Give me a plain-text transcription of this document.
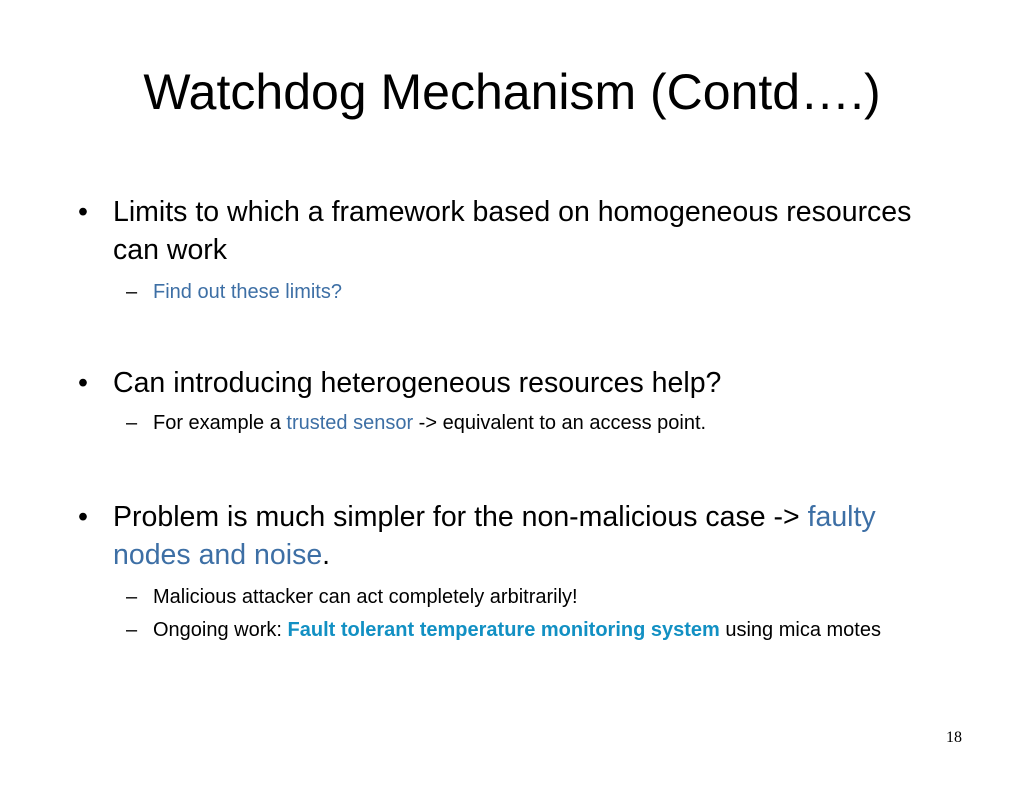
Watchdog Mechanism (Contd….)
• Limits to which a framework based on homogeneous resources can work
– Find out these limits?
• Can introducing heterogeneous resources help?
– For example a trusted sensor -> equivalent to an access point.
• Problem is much simpler for the non-malicious case -> faulty nodes and noise.
– Malicious attacker can act completely arbitrarily!
– Ongoing work: Fault tolerant temperature monitoring system using mica motes
18
